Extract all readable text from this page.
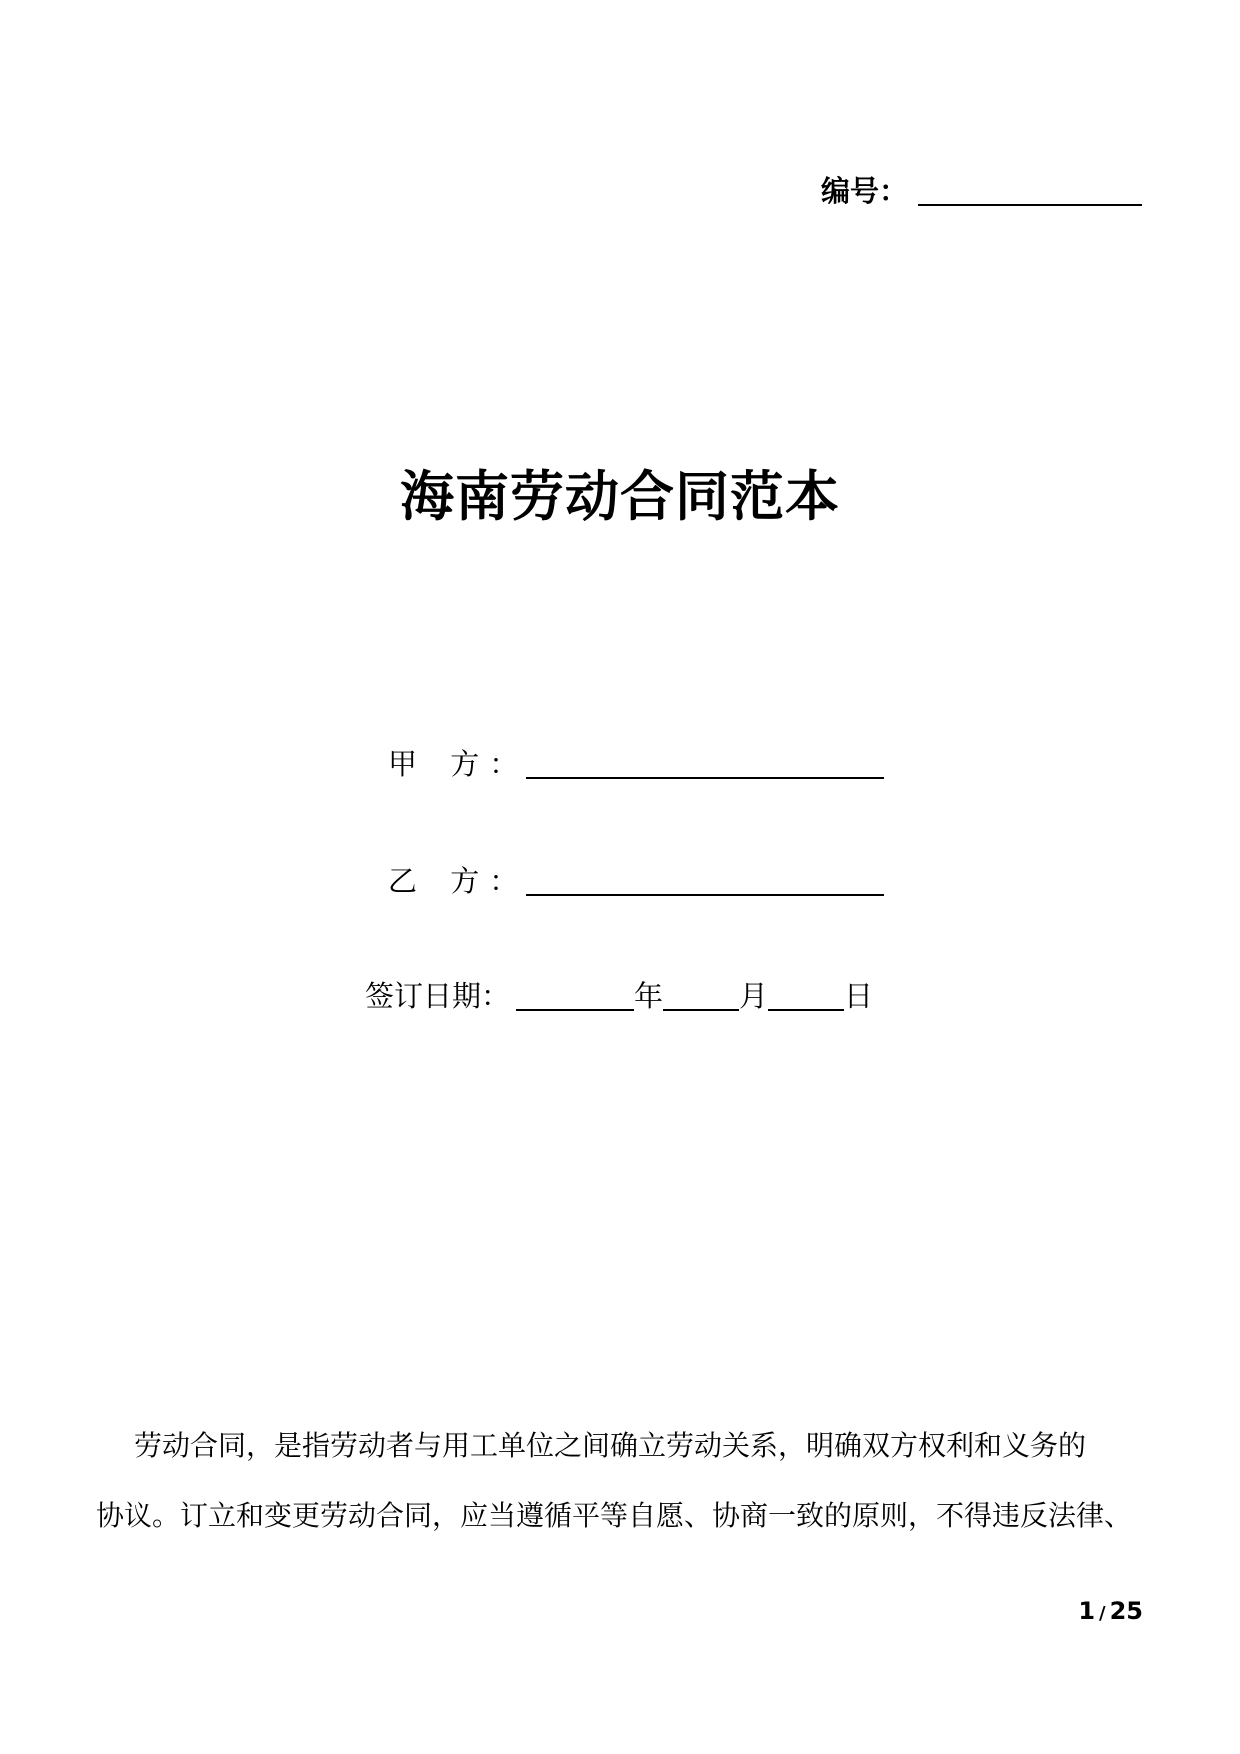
编号：
海南劳动合同范本
甲 方
：
乙 方
：
签订日期：	年	月	日
劳动合同，是指劳动者与用工单位之间确立劳动关系，明确双方权利和义务的
协议。订立和变更劳动合同，应当遵循平等自愿、协商一致的原则，不得违反法律、
1 / 25
